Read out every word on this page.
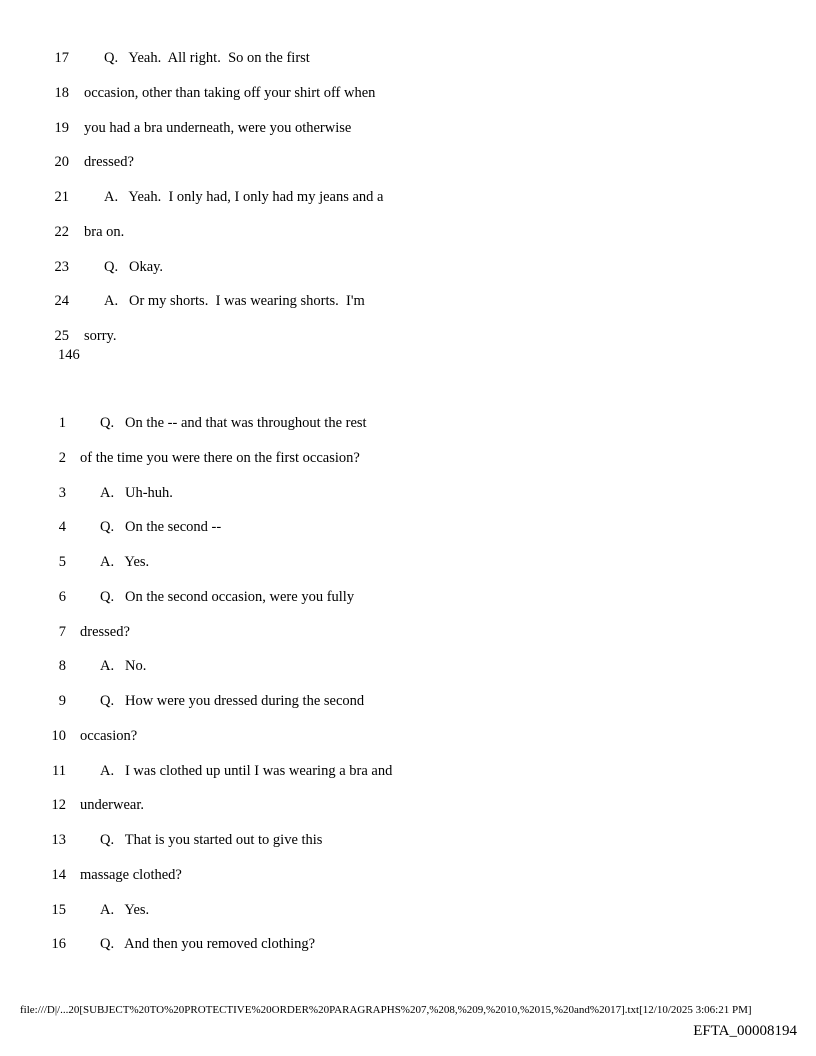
17 Q.   Yeah.  All right.  So on the first
18 occasion, other than taking off your shirt off when
19 you had a bra underneath, were you otherwise
20 dressed?
21 A.   Yeah.  I only had, I only had my jeans and a
22 bra on.
23 Q.   Okay.
24 A.   Or my shorts.  I was wearing shorts.  I'm
25 sorry.
146
1 Q.   On the -- and that was throughout the rest
2 of the time you were there on the first occasion?
3 A.   Uh-huh.
4 Q.   On the second --
5 A.   Yes.
6 Q.   On the second occasion, were you fully
7 dressed?
8 A.   No.
9 Q.   How were you dressed during the second
10 occasion?
11 A.   I was clothed up until I was wearing a bra and
12 underwear.
13 Q.   That is you started out to give this
14 massage clothed?
15 A.   Yes.
16 Q.   And then you removed clothing?
file:///D|/...20[SUBJECT%20TO%20PROTECTIVE%20ORDER%20PARAGRAPHS%207,%208,%209,%2010,%2015,%20and%2017].txt[12/10/2025 3:06:21 PM]
EFTA_00008194
